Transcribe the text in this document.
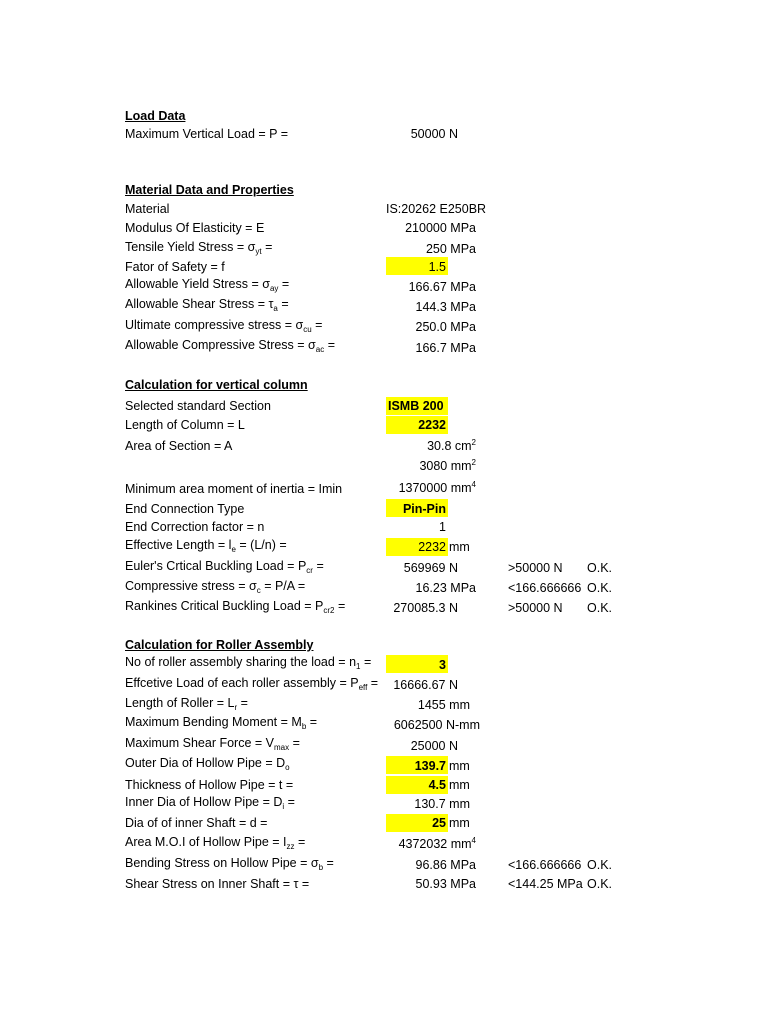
Load Data
Maximum Vertical Load = P =	50000 N
Material Data and Properties
Material	IS:20262 E250BR
Modulus Of Elasticity = E	210000 MPa
Tensile Yield Stress = $\sigma_{yt}$ =	250 MPa
Fator of Safety = f	1.5
Allowable Yield Stress = $\sigma_{ay}$ =	166.67 MPa
Allowable Shear Stress = $\tau_a$ =	144.3 MPa
Ultimate compressive stress = $\sigma_{cu}$ =	250.0 MPa
Allowable Compressive Stress = $\sigma_{ac}$ =	166.7 MPa
Calculation for vertical column
Selected standard Section	ISMB 200
Length of Column = L	2232
Area of Section = A	30.8 $cm^2$
3080 $mm^2$
Minimum area moment of inertia = Imin	1370000 $mm^4$
End Connection Type	Pin-Pin
End Correction factor = n	1
Effective Length = $l_e = (L/n)$ =	2232 mm
Euler's Crtical Buckling Load = $P_{cr}$ =	569969 N	>50000 N O.K.
Compressive stress = $\sigma_c = P/A$ =	16.23 MPa	<166.666666 O.K.
Rankines Critical Buckling Load = $P_{cr2}$ =	270085.3 N	>50000 N O.K.
Calculation for Roller Assembly
No of roller assembly sharing the load = $n_1$ =	3
Effcetive Load of each roller assembly = $P_{eff}$ =	16666.67 N
Length of Roller = $L_r$ =	1455 mm
Maximum Bending Moment = $M_b$ =	6062500 N-mm
Maximum Shear Force = $V_{max}$ =	25000 N
Outer Dia of Hollow Pipe = $D_o$	139.7 mm
Thickness of Hollow Pipe = t =	4.5 mm
Inner Dia of Hollow Pipe = $D_i$ =	130.7 mm
Dia of of inner Shaft = d =	25 mm
Area M.O.I of Hollow Pipe = $I_{zz}$ =	4372032 $mm^4$
Bending Stress on Hollow Pipe = $\sigma_b$ =	96.86 MPa	<166.666666 O.K.
Shear Stress on Inner Shaft = τ =	50.93 MPa	<144.25 MPa O.K.
